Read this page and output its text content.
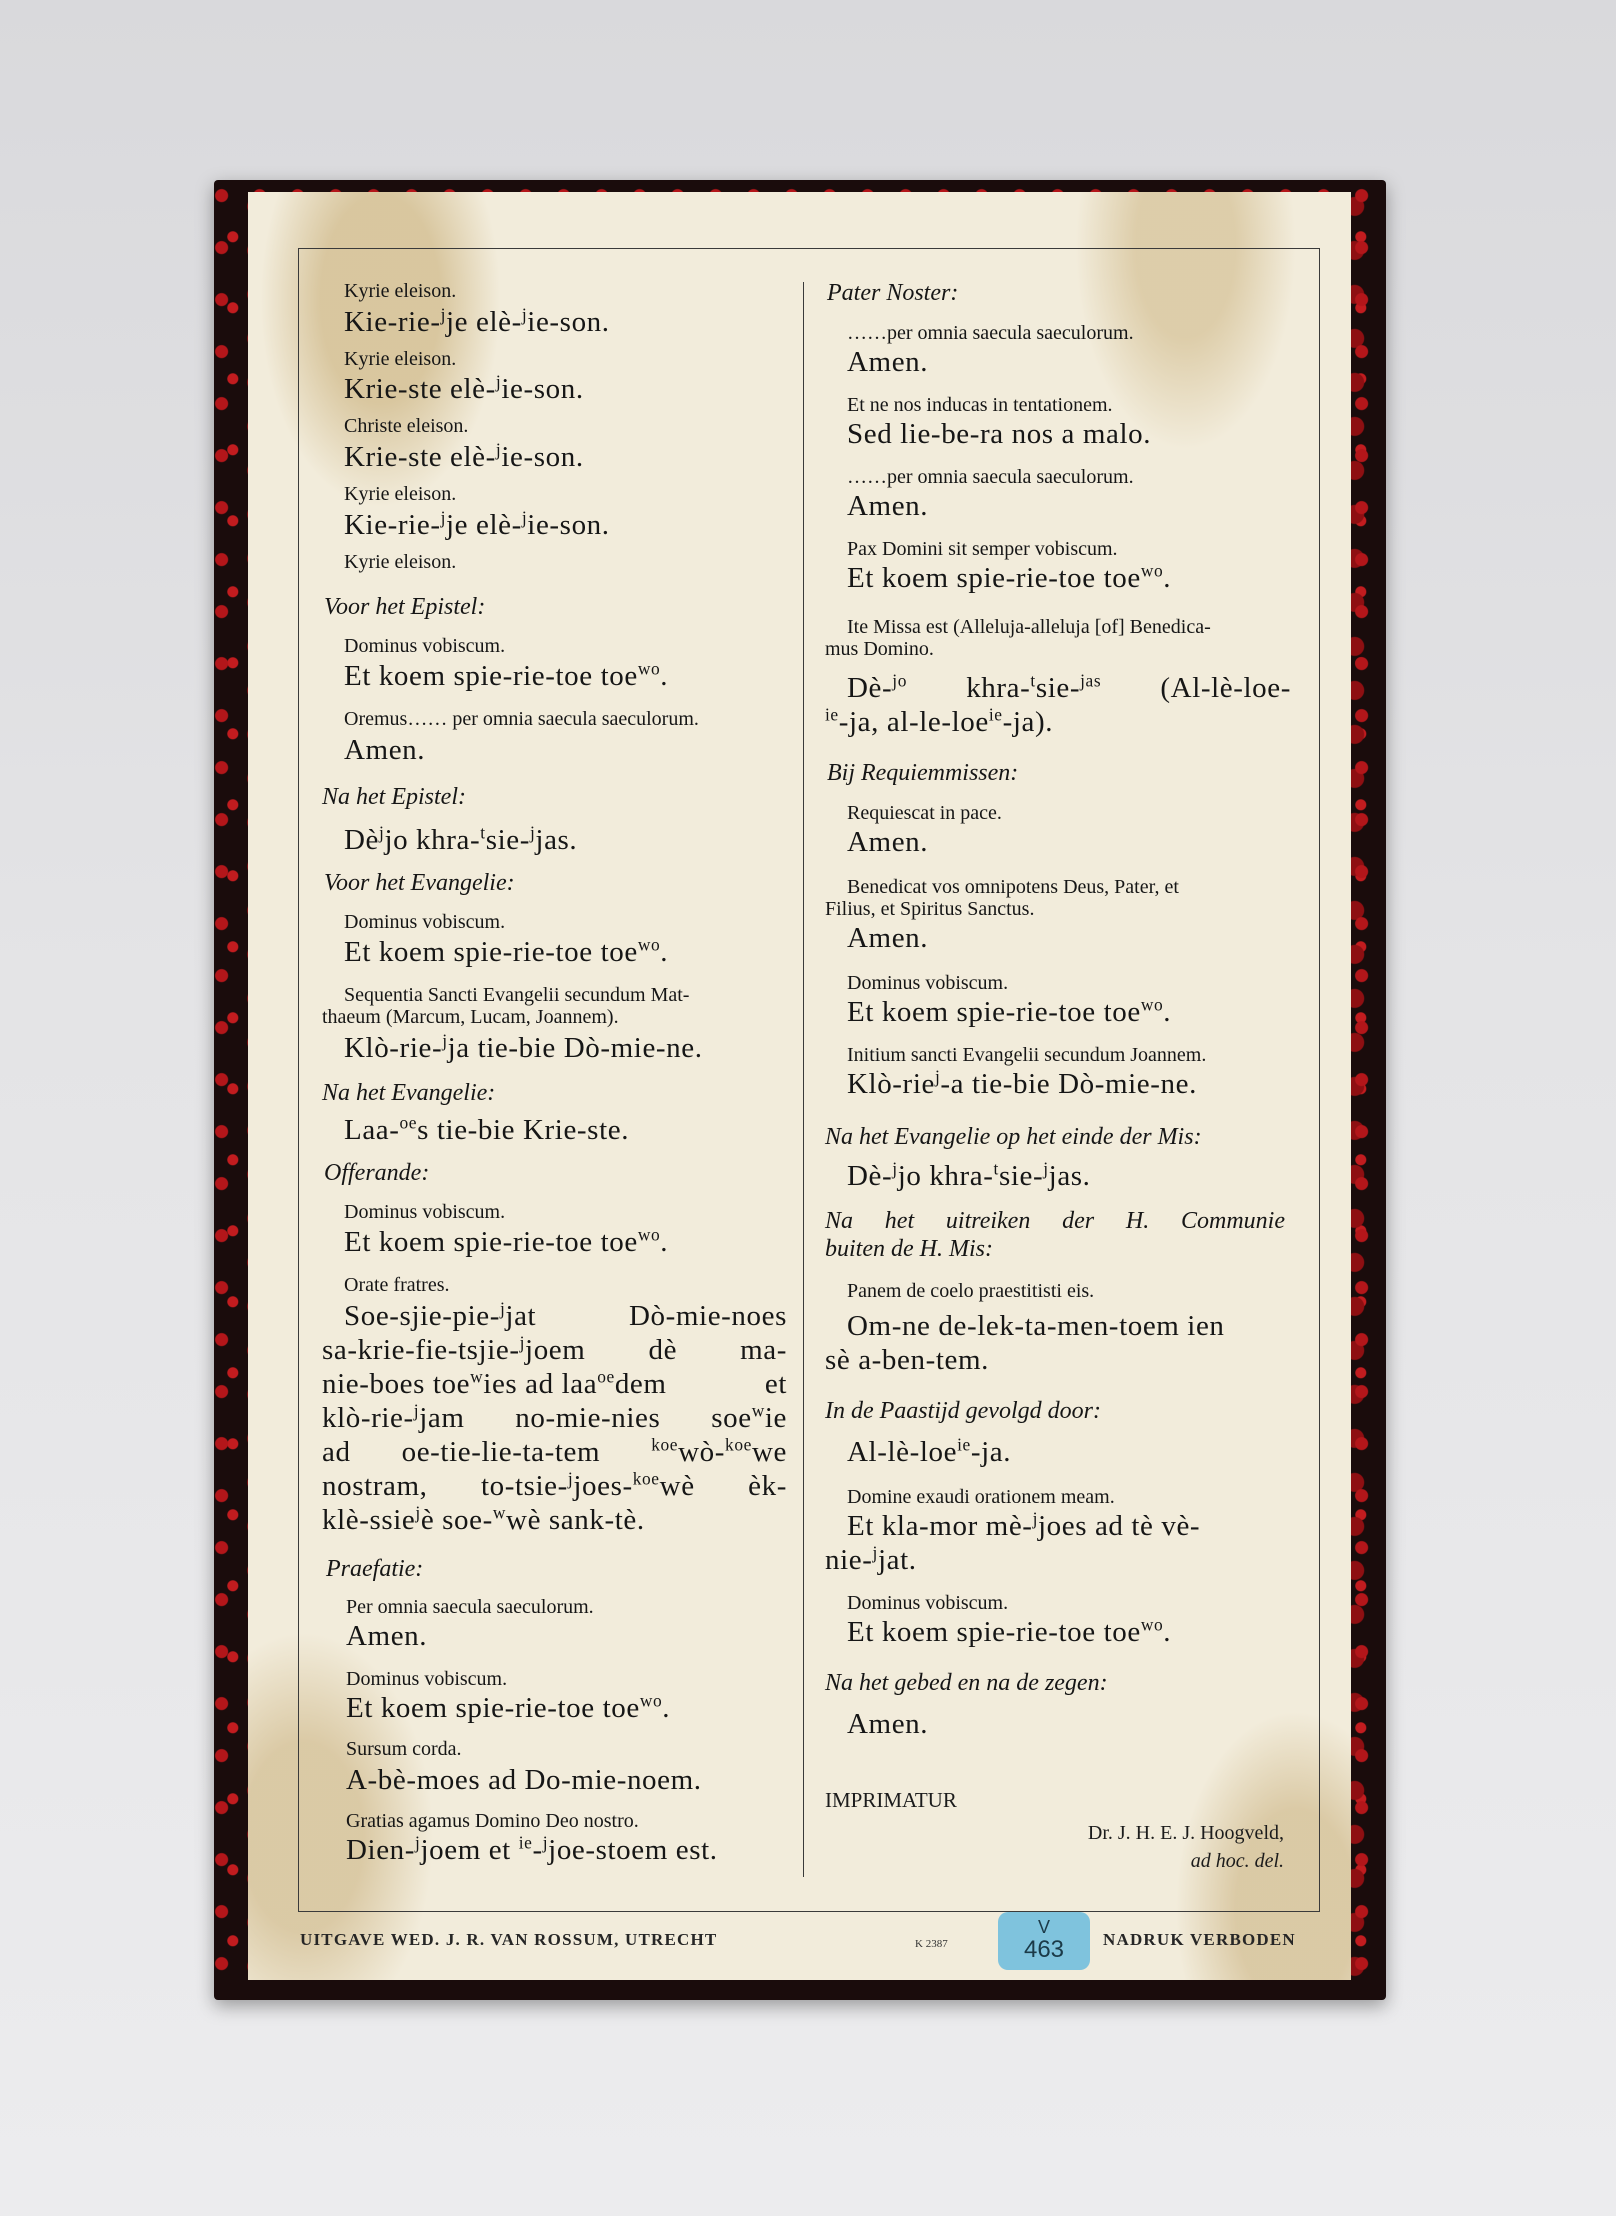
Kyrie eleison.
Kie-rie-$^j$je elè-$^j$ie-son.
Kyrie eleison.
Krie-ste elè-$^j$ie-son.
Christe eleison.
Krie-ste elè-$^j$ie-son.
Kyrie eleison.
Kie-rie-$^j$je elè-$^j$ie-son.
Kyrie eleison.
Voor het Epistel:
Dominus vobiscum.
Et koem spie-rie-toe toe$^{wo}$.
Oremus…… per omnia saecula saeculorum.
Amen.
Na het Epistel:
$Dè^jjo$ khra-$^t$sie-$^j$jas.
Voor het Evangelie:
Dominus vobiscum.
Et koem spie-rie-toe toe$^{wo}$.
Sequentia Sancti Evangelii secundum Mat-
thaeum (Marcum, Lucam, Joannem).
Klò-rie-$^j$ja tie-bie Dò-mie-ne.
Na het Evangelie:
Laa-$^{oe}$s tie-bie Krie-ste.
Offerande:
Dominus vobiscum.
Et koem spie-rie-toe toe$^{wo}$.
Orate fratres.
Soe-sjie-pie-$^j$jat	Dò-mie-noes
sa-krie-fie-tsjie-$^j$joem dè ma-
nie-boes toe$^w$ies ad laa$^{oe}$dem	et
klò-rie-$^j$jam no-mie-nies soe$^w$ie
ad oe-tie-lie-ta-tem	$^{koe}$wò-$^{koe}$we
nostram, to-tsie-$^j$joes-$^{koe}$wè èk-
klè-ssie$^j$è soe-$^w$wè sank-tè.
Praefatie:
Per omnia saecula saeculorum.
Amen.
Dominus vobiscum.
Et koem spie-rie-toe toe$^{wo}$.
Sursum corda.
A-bè-moes ad Do-mie-noem.
Gratias agamus Domino Deo nostro.
Dien-$^j$joem et $^{ie}$-$^j$joe-stoem est.
Pater Noster:
……per omnia saecula saeculorum.
Amen.
Et ne nos inducas in tentationem.
Sed lie-be-ra nos a malo.
……per omnia saecula saeculorum.
Amen.
Pax Domini sit semper vobiscum.
Et koem spie-rie-toe toe$^{wo}$.
Ite Missa est (Alleluja-alleluja [of] Benedica-
mus Domino.
Dè-$^{jo}$ khra-$^t$sie-$^{jas}$ (Al-lè-loe-
$^{ie}$-ja, al-le-loe$^{ie}$-ja).
Bij Requiemmissen:
Requiescat in pace.
Amen.
Benedicat vos omnipotens Deus, Pater, et
Filius, et Spiritus Sanctus.
Amen.
Dominus vobiscum.
Et koem spie-rie-toe toe$^{wo}$.
Initium sancti Evangelii secundum Joannem.
Klò-rie$^j$-a tie-bie Dò-mie-ne.
Na het Evangelie op het einde der Mis:
Dè-$^j$jo khra-$^t$sie-$^j$jas.
Na het uitreiken der H. Communie
buiten de H. Mis:
Panem de coelo praestitisti eis.
Om-ne de-lek-ta-men-toem ien
sè a-ben-tem.
In de Paastijd gevolgd door:
Al-lè-loe$^{ie}$-ja.
Domine exaudi orationem meam.
Et kla-mor mè-$^j$joes ad tè vè-
nie-$^j$jat.
Dominus vobiscum.
Et koem spie-rie-toe toe$^{wo}$.
Na het gebed en na de zegen:
Amen.
IMPRIMATUR
Dr. J. H. E. J. Hoogveld,
ad hoc. del.
UITGAVE WED. J. R. VAN ROSSUM, UTRECHT	K 2387
V
463	NADRUK VERBODEN
